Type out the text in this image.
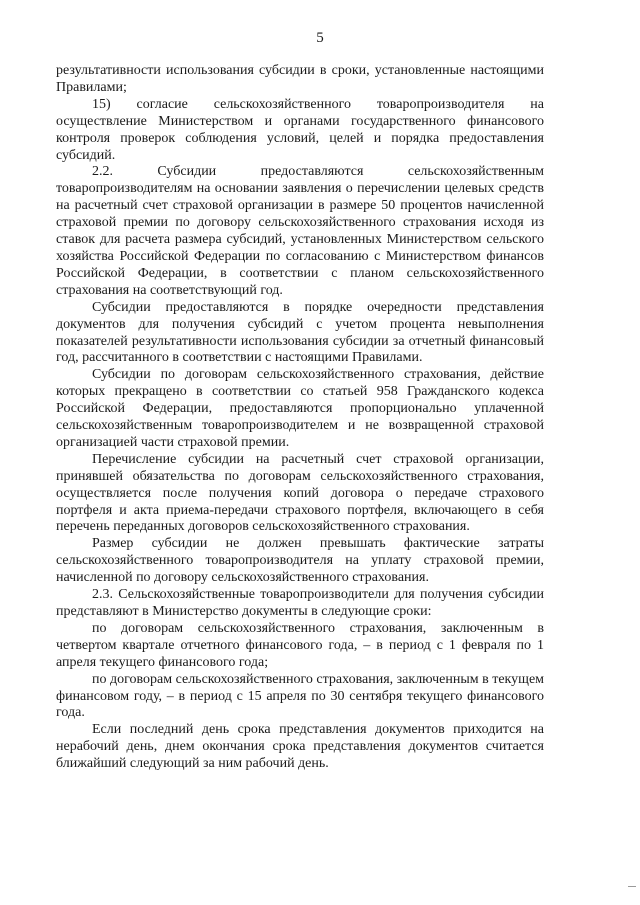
5

результативности использования субсидии в сроки, установленные настоящими Правилами;

15) согласие сельскохозяйственного товаропроизводителя на осуществление Министерством и органами государственного финансового контроля проверок соблюдения условий, целей и порядка предоставления субсидий.

2.2. Субсидии предоставляются сельскохозяйственным товаропроизводителям на основании заявления о перечислении целевых средств на расчетный счет страховой организации в размере 50 процентов начисленной страховой премии по договору сельскохозяйственного страхования исходя из ставок для расчета размера субсидий, установленных Министерством сельского хозяйства Российской Федерации по согласованию с Министерством финансов Российской Федерации, в соответствии с планом сельскохозяйственного страхования на соответствующий год.

Субсидии предоставляются в порядке очередности представления документов для получения субсидий с учетом процента невыполнения показателей результативности использования субсидии за отчетный финансовый год, рассчитанного в соответствии с настоящими Правилами.

Субсидии по договорам сельскохозяйственного страхования, действие которых прекращено в соответствии со статьей 958 Гражданского кодекса Российской Федерации, предоставляются пропорционально уплаченной сельскохозяйственным товаропроизводителем и не возвращенной страховой организацией части страховой премии.

Перечисление субсидии на расчетный счет страховой организации, принявшей обязательства по договорам сельскохозяйственного страхования, осуществляется после получения копий договора о передаче страхового портфеля и акта приема-передачи страхового портфеля, включающего в себя перечень переданных договоров сельскохозяйственного страхования.

Размер субсидии не должен превышать фактические затраты сельскохозяйственного товаропроизводителя на уплату страховой премии, начисленной по договору сельскохозяйственного страхования.

2.3. Сельскохозяйственные товаропроизводители для получения субсидии представляют в Министерство документы в следующие сроки:

по договорам сельскохозяйственного страхования, заключенным в четвертом квартале отчетного финансового года, – в период с 1 февраля по 1 апреля текущего финансового года;

по договорам сельскохозяйственного страхования, заключенным в текущем финансовом году, – в период с 15 апреля по 30 сентября текущего финансового года.

Если последний день срока представления документов приходится на нерабочий день, днем окончания срока представления документов считается ближайший следующий за ним рабочий день.
